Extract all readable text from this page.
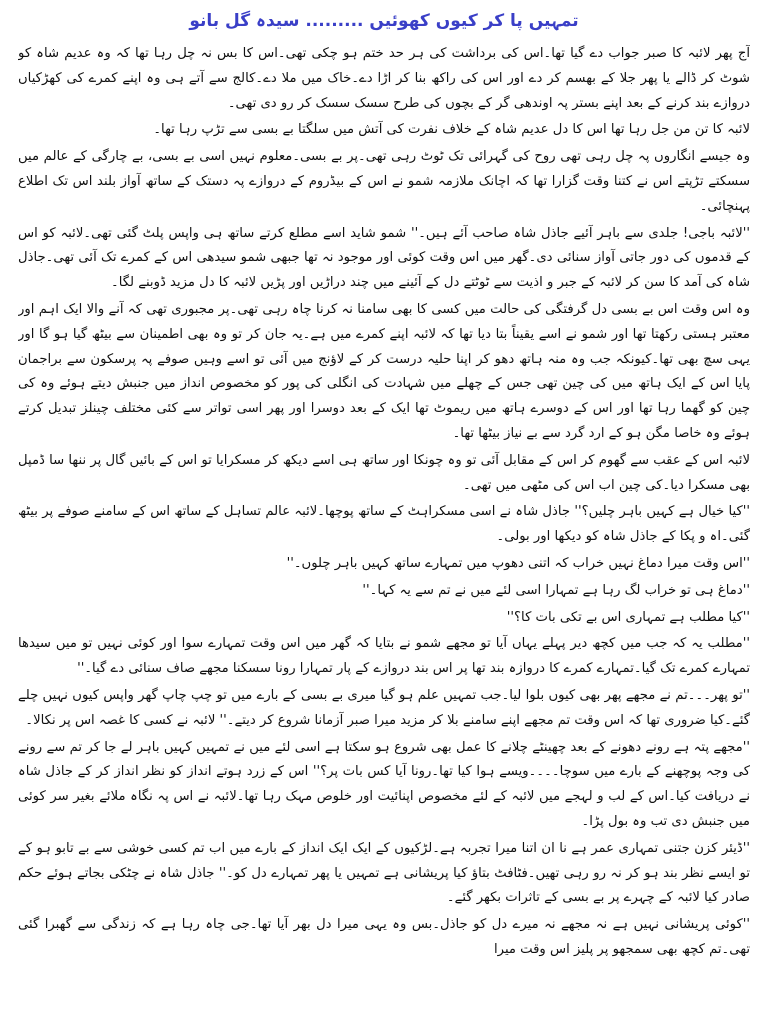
تمہیں پا کر کیوں کھوئیں ......... سیدہ گل بانو

آج پھر لائبہ کا صبر جواب دے گیا تھا۔اس کی برداشت کی ہر حد ختم ہو چکی تھی۔اس کا بس نہ چل رہا تھا کہ وہ عدیم شاہ کو شوٹ کر ڈالے یا پھر جلا کے بھسم کر دے اور اس کی راکھ بنا کر اڑا دے۔خاک میں ملا دے۔کالج سے آتے ہی وہ اپنے کمرے کی کھڑکیاں دروازے بند کرنے کے بعد اپنے بستر پہ اوندھی گر کے بچوں کی طرح سسک سسک کر رو دی تھی۔

لائبہ کا تن من جل رہا تھا اس کا دل عدیم شاہ کے خلاف نفرت کی آتش میں سلگتا بے بسی سے تڑپ رہا تھا۔

وہ جیسے انگاروں پہ چل رہی تھی روح کی گہرائی تک ٹوٹ رہی تھی۔پر بے بسی۔معلوم نہیں اسی بے بسی، بے چارگی کے عالم میں سسکتے تڑپتے اس نے کتنا وقت گزارا تھا کہ اچانک ملازمہ شمو نے اس کے بیڈروم کے دروازے پہ دستک کے ساتھ آواز بلند اس تک اطلاع پہنچائی۔

''لائبہ باجی! جلدی سے باہر آئیے جاذل شاہ صاحب آئے ہیں۔'' شمو شاید اسے مطلع کرتے ساتھ ہی واپس پلٹ گئی تھی۔لائبہ کو اس کے قدموں کی دور جاتی آواز سنائی دی۔گھر میں اس وقت کوئی اور موجود نہ تھا جبھی شمو سیدھی اس کے کمرے تک آئی تھی۔جاذل شاہ کی آمد کا سن کر لائبہ کے جبر و اذیت سے ٹوٹتے دل کے آئینے میں چند دراڑیں اور پڑیں لائبہ کا دل مزید ڈوبنے لگا۔

وہ اس وقت اس بے بسی دل گرفتگی کی حالت میں کسی کا بھی سامنا نہ کرنا چاہ رہی تھی۔پر مجبوری تھی کہ آنے والا ایک اہم اور معتبر ہستی رکھتا تھا اور شمو نے اسے یقیناً بتا دیا تھا کہ لائبہ اپنے کمرے میں ہے۔یہ جان کر تو وہ بھی اطمینان سے بیٹھ گیا ہو گا اور یہی سچ بھی تھا۔کیونکہ جب وہ منہ ہاتھ دھو کر اپنا حلیہ درست کر کے لاؤنج میں آئی تو اسے وہیں صوفے پہ پرسکون سے براجمان پایا اس کے ایک ہاتھ میں کی چین تھی جس کے چھلے میں شہادت کی انگلی کی پور کو مخصوص انداز میں جنبش دیتے ہوئے وہ کی چین کو گھما رہا تھا اور اس کے دوسرے ہاتھ میں ریموٹ تھا ایک کے بعد دوسرا اور پھر اسی تواتر سے کئی مختلف چینلز تبدیل کرتے ہوئے وہ خاصا مگن ہو کے ارد گرد سے بے نیاز بیٹھا تھا۔

لائبہ اس کے عقب سے گھوم کر اس کے مقابل آئی تو وہ چونکا اور ساتھ ہی اسے دیکھ کر مسکرایا تو اس کے بائیں گال پر ننھا سا ڈمپل بھی مسکرا دیا۔کی چین اب اس کی مٹھی میں تھی۔

''کیا خیال ہے کہیں باہر چلیں؟'' جاذل شاہ نے اسی مسکراہٹ کے ساتھ پوچھا۔لائبہ عالم تساہل کے ساتھ اس کے سامنے صوفے پر بیٹھ گئی۔اہ و پکا کے جاذل شاہ کو دیکھا اور بولی۔

''اس وقت میرا دماغ نہیں خراب کہ اتنی دھوپ میں تمہارے ساتھ کہیں باہر چلوں۔''

''دماغ ہی تو خراب لگ رہا ہے تمہارا اسی لئے میں نے تم سے یہ کہا۔''

''کیا مطلب ہے تمہاری اس بے تکی بات کا؟''

''مطلب یہ کہ جب میں کچھ دیر پہلے یہاں آیا تو مجھے شمو نے بتایا کہ گھر میں اس وقت تمہارے سوا اور کوئی نہیں تو میں سیدھا تمہارے کمرے تک گیا۔تمہارے کمرے کا دروازہ بند تھا پر اس بند دروازے کے پار تمہارا رونا سسکنا مجھے صاف سنائی دے گیا۔''

''تو پھر۔۔۔تم نے مجھے پھر بھی کیوں بلوا لیا۔جب تمہیں علم ہو گیا میری بے بسی کے بارے میں تو چپ چاپ گھر واپس کیوں نہیں چلے گئے۔کیا ضروری تھا کہ اس وقت تم مجھے اپنے سامنے بلا کر مزید میرا صبر آزمانا شروع کر دیتے۔'' لائبہ نے کسی کا غصہ اس پر نکالا۔

''مجھے پتہ ہے رونے دھونے کے بعد چھینٹے چلانے کا عمل بھی شروع ہو سکتا ہے اسی لئے میں نے تمہیں کہیں باہر لے جا کر تم سے رونے کی وجہ پوچھنے کے بارے میں سوچا۔۔۔۔ویسے ہوا کیا تھا۔رونا آیا کس بات پر؟'' اس کے زرد ہوتے انداز کو نظر انداز کر کے جاذل شاہ نے دریافت کیا۔اس کے لب و لہجے میں لائبہ کے لئے مخصوص اپنائیت اور خلوص مہک رہا تھا۔لائبہ نے اس پہ نگاہ ملائے بغیر سر کوئی میں جنبش دی تب وہ بول پڑا۔

''ڈیئر کزن جتنی تمہاری عمر ہے نا ان اتنا میرا تجربہ ہے۔لڑکیوں کے ایک ایک انداز کے بارے میں اب تم کسی خوشی سے بے تابو ہو کے تو ایسے نظر بند ہو کر نہ رو رہی تھیں۔فٹافٹ بتاؤ کیا پریشانی ہے تمہیں یا پھر تمہارے دل کو۔'' جاذل شاہ نے چٹکی بجاتے ہوئے حکم صادر کیا لائبہ کے چہرے پر بے بسی کے تاثرات بکھر گئے۔

''کوئی پریشانی نہیں ہے نہ مجھے نہ میرے دل کو جاذل۔بس وہ یہی میرا دل بھر آیا تھا۔جی چاہ رہا ہے کہ زندگی سے گھبرا گئی تھی۔تم کچھ بھی سمجھو پر پلیز اس وقت میرا
